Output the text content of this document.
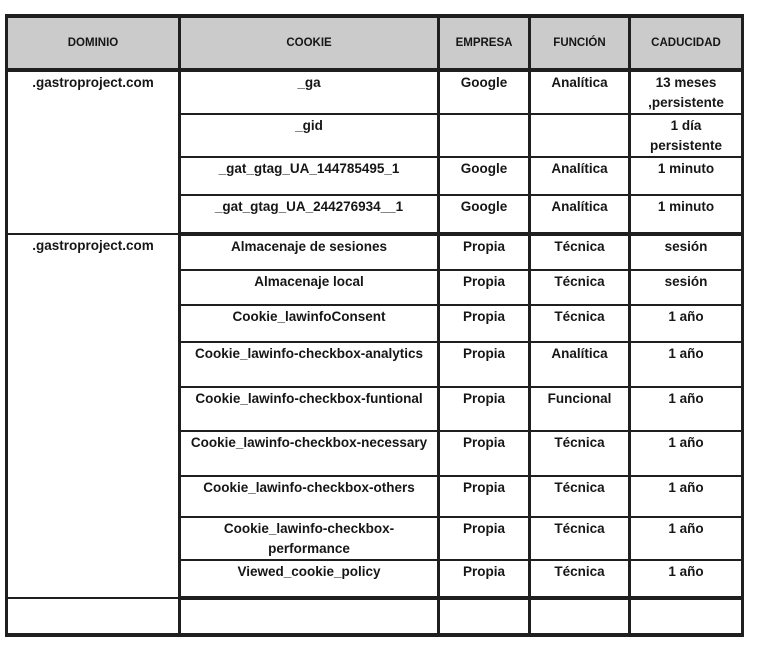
DOMINIO	COOKIE	EMPRESA	FUNCIÓN	CADUCIDAD
.gastroproject.com	_ga	Google	Analítica	13 meses ,persistente
	_gid			1 día persistente
	_gat_gtag_UA_144785495_1	Google	Analítica	1 minuto
	_gat_gtag_UA_244276934__1	Google	Analítica	1 minuto
.gastroproject.com	Almacenaje de sesiones	Propia	Técnica	sesión
	Almacenaje local	Propia	Técnica	sesión
	Cookie_lawinfoConsent	Propia	Técnica	1 año
	Cookie_lawinfo-checkbox-analytics	Propia	Analítica	1 año
	Cookie_lawinfo-checkbox-funtional	Propia	Funcional	1 año
	Cookie_lawinfo-checkbox-necessary	Propia	Técnica	1 año
	Cookie_lawinfo-checkbox-others	Propia	Técnica	1 año
	Cookie_lawinfo-checkbox-performance	Propia	Técnica	1 año
	Viewed_cookie_policy	Propia	Técnica	1 año
